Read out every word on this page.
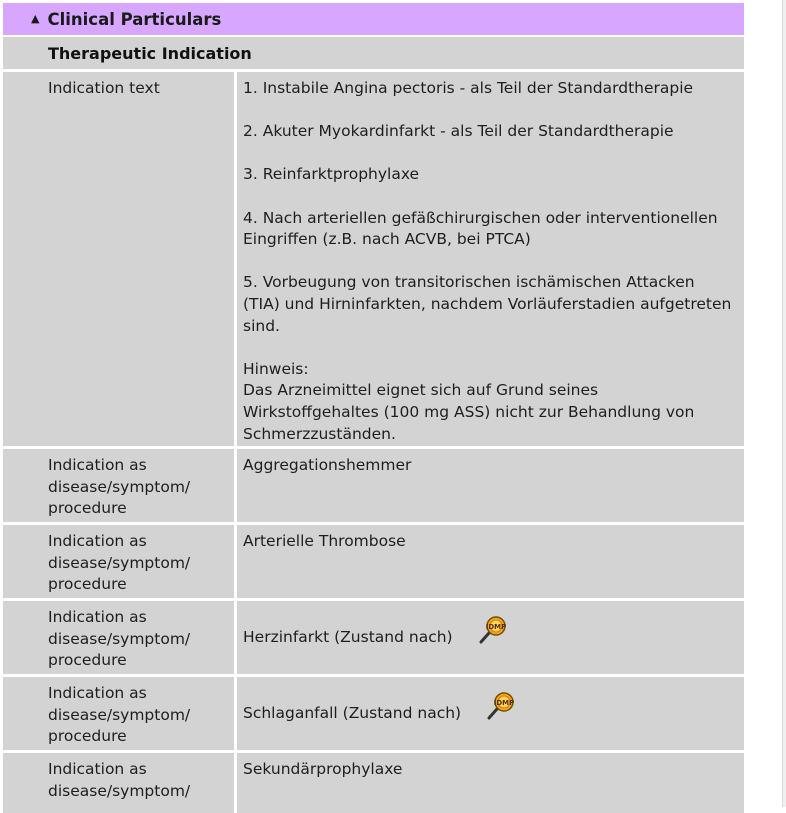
▲ Clinical Particulars
Therapeutic Indication
Indication text	1. Instabile Angina pectoris - als Teil der Standardtherapie
2. Akuter Myokardinfarkt - als Teil der Standardtherapie
3. Reinfarktprophylaxe
4. Nach arteriellen gefäßchirurgischen oder interventionellen Eingriffen (z.B. nach ACVB, bei PTCA)
5. Vorbeugung von transitorischen ischämischen Attacken (TIA) und Hirninfarkten, nachdem Vorläuferstadien aufgetreten sind.
Hinweis:
Das Arzneimittel eignet sich auf Grund seines Wirkstoffgehaltes (100 mg ASS) nicht zur Behandlung von Schmerzzuständen.
Indication as disease/symptom/ procedure
Aggregationshemmer
Indication as disease/symptom/ procedure
Arterielle Thrombose
Indication as disease/symptom/ procedure
Herzinfarkt (Zustand nach)
IDMP
Indication as disease/symptom/ procedure
Schlaganfall (Zustand nach)
IDMP
Indication as disease/symptom/
Sekundärprophylaxe
